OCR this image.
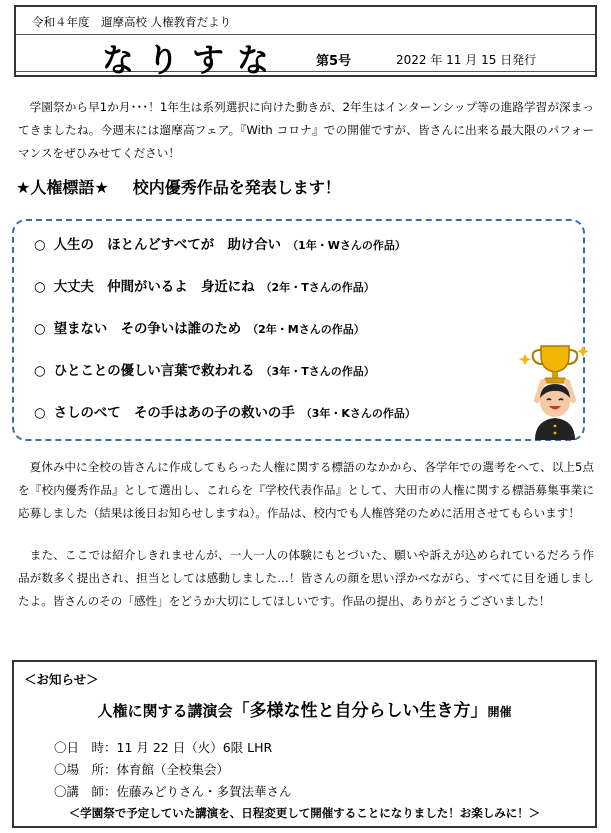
令和４年度　遛摩高校 人権教育だより
なりすな	第5号	2022 年 11 月 15 日発行
　学園祭から早1か月･･･！1年生は系列選択に向けた動きが、2年生はインターンシップ等の進路学習が深まってきましたね。今週末には遛摩高フェア。『With コロナ』での開催ですが、皆さんに出来る最大限のパフォーマンスをぜひみせてください！
★人権標語★ 校内優秀作品を発表します！
○ 人生の　ほとんどすべてが　助け合い （1年・Wさんの作品）
○ 大丈夫　仲間がいるよ　身近にね （2年・Tさんの作品）
○ 望まない　その争いは誰のため （2年・Mさんの作品）
○ ひとことの優しい言葉で救われる （3年・Tさんの作品）
○ さしのべて　その手はあの子の救いの手 （3年・Kさんの作品）
　夏休み中に全校の皆さんに作成してもらった人権に関する標語のなかから、各学年での選考をへて、以上5点を『校内優秀作品』として選出し、これらを『学校代表作品』として、大田市の人権に関する標語募集事業に応募しました（結果は後日お知らせしますね）。作品は、校内でも人権啓発のために活用させてもらいます！
　また、ここでは紹介しきれませんが、一人一人の体験にもとづいた、願いや訴えが込められているだろう作品が数多く提出され、担当としては感動しました…！皆さんの顔を思い浮かべながら、すべてに目を通しましたよ。皆さんのその「感性」をどうか大切にしてほしいです。作品の提出、ありがとうございました！
＜お知らせ＞
人権に関する講演会「多様な性と自分らしい生き方」開催
〇日　時：11 月 22 日（火）6限 LHR
〇場　所：体育館（全校集会）
〇講　師：佐藤みどりさん・多賀法華さん
＜学園祭で予定していた講演を、日程変更して開催することになりました！お楽しみに！＞
